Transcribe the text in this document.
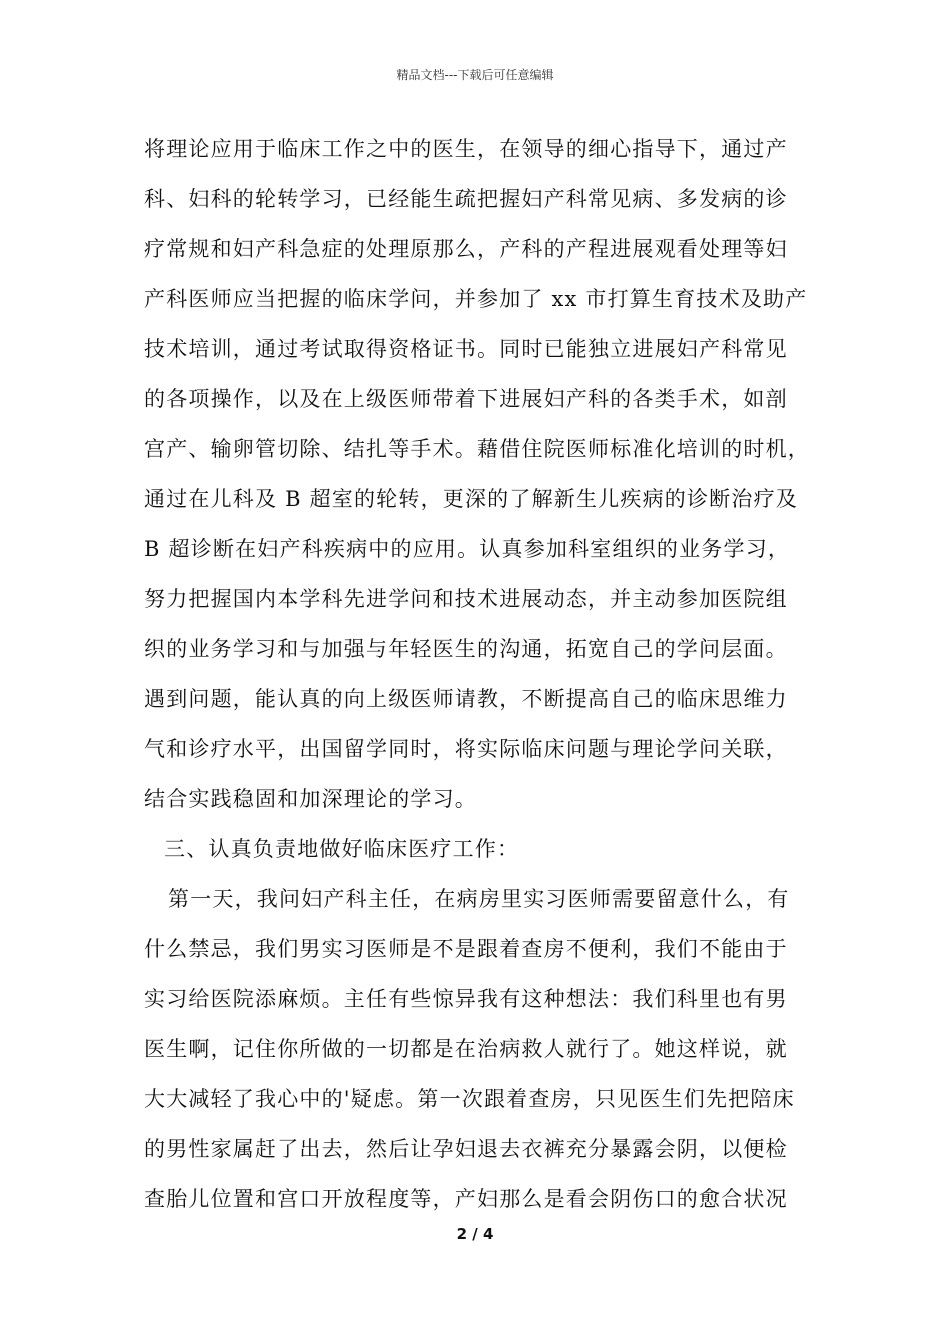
精品文档---下载后可任意编辑
将理论应用于临床工作之中的医生，在领导的细心指导下，通过产
科、妇科的轮转学习，已经能生疏把握妇产科常见病、多发病的诊
疗常规和妇产科急症的处理原那么，产科的产程进展观看处理等妇
产科医师应当把握的临床学问，并参加了 xx 市打算生育技术及助产
技术培训，通过考试取得资格证书。同时已能独立进展妇产科常见
的各项操作，以及在上级医师带着下进展妇产科的各类手术，如剖
宫产、输卵管切除、结扎等手术。藉借住院医师标准化培训的时机，
通过在儿科及 B 超室的轮转，更深的了解新生儿疾病的诊断治疗及
B 超诊断在妇产科疾病中的应用。认真参加科室组织的业务学习，
努力把握国内本学科先进学问和技术进展动态，并主动参加医院组
织的业务学习和与加强与年轻医生的沟通，拓宽自己的学问层面。
遇到问题，能认真的向上级医师请教，不断提高自己的临床思维力
气和诊疗水平，出国留学同时，将实际临床问题与理论学问关联，
结合实践稳固和加深理论的学习。
三、认真负责地做好临床医疗工作：
第一天，我问妇产科主任，在病房里实习医师需要留意什么，有
什么禁忌，我们男实习医师是不是跟着查房不便利，我们不能由于
实习给医院添麻烦。主任有些惊异我有这种想法：我们科里也有男
医生啊，记住你所做的一切都是在治病救人就行了。她这样说，就
大大减轻了我心中的'疑虑。第一次跟着查房，只见医生们先把陪床
的男性家属赶了出去，然后让孕妇退去衣裤充分暴露会阴，以便检
查胎儿位置和宫口开放程度等，产妇那么是看会阴伤口的愈合状况
2 / 4
